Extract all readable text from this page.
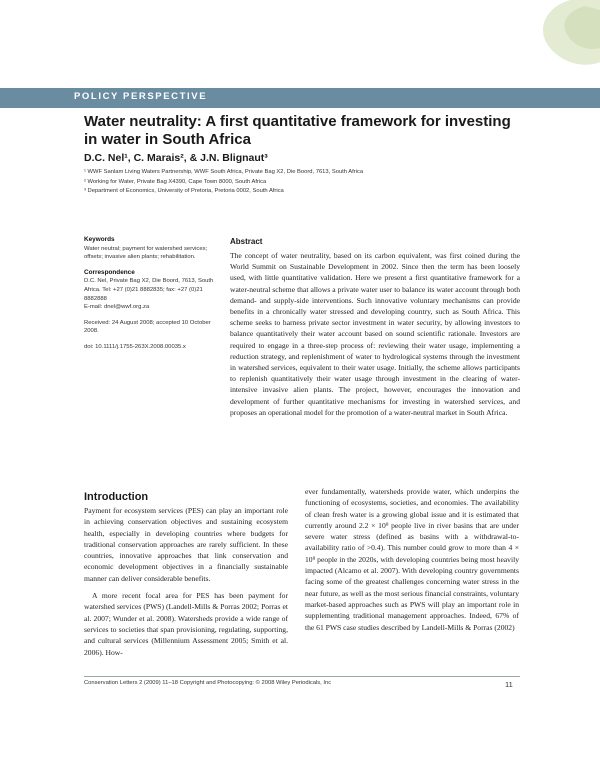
POLICY PERSPECTIVE
Water neutrality: A first quantitative framework for investing in water in South Africa
D.C. Nel¹, C. Marais², & J.N. Blignaut³
¹ WWF Sanlam Living Waters Partnership, WWF South Africa, Private Bag X2, Die Boord, 7613, South Africa
² Working for Water, Private Bag X4390, Cape Town 8000, South Africa
³ Department of Economics, University of Pretoria, Pretoria 0002, South Africa
Keywords
Water neutral; payment for watershed services; offsets; invasive alien plants; rehabilitation.
Correspondence
D.C. Nel, Private Bag X2, Die Boord, 7613, South Africa. Tel: +27 (0)21 8882835; fax: +27 (0)21 8882888
E-mail: dnel@wwf.org.za
Received: 24 August 2008; accepted 10 October 2008.
doi: 10.1111/j.1755-263X.2008.00035.x
Abstract

The concept of water neutrality, based on its carbon equivalent, was first coined during the World Summit on Sustainable Development in 2002. Since then the term has been loosely used, with little quantitative validation. Here we present a first quantitative framework for a water-neutral scheme that allows a private water user to balance its water account through both demand- and supply-side interventions. Such innovative voluntary mechanisms can provide benefits in a chronically water stressed and developing country, such as South Africa. This scheme seeks to harness private sector investment in water security, by allowing investors to balance quantitatively their water account based on sound scientific rationale. Investors are required to engage in a three-step process of: reviewing their water usage, implementing a reduction strategy, and replenishment of water to hydrological systems through the investment in watershed services, equivalent to their water usage. Initially, the scheme allows participants to replenish quantitatively their water usage through investment in the clearing of water-intensive invasive alien plants. The project, however, encourages the innovation and development of further quantitative mechanisms for investing in watershed services, and proposes an operational model for the promotion of a water-neutral market in South Africa.

Introduction

Payment for ecosystem services (PES) can play an important role in achieving conservation objectives and sustaining ecosystem health, especially in developing countries where budgets for traditional conservation approaches are rarely sufficient. In these countries, innovative approaches that link conservation and economic development objectives in a financially sustainable manner can deliver considerable benefits.

A more recent focal area for PES has been payment for watershed services (PWS) (Landell-Mills & Porras 2002; Porras et al. 2007; Wunder et al. 2008). Watersheds provide a wide range of services to societies that span provisioning, regulating, supporting, and cultural services (Millennium Assessment 2005; Smith et al. 2006). How-

ever fundamentally, watersheds provide water, which underpins the functioning of ecosystems, societies, and economies. The availability of clean fresh water is a growing global issue and it is estimated that currently around 2.2 × 10⁹ people live in river basins that are under severe water stress (defined as basins with a withdrawal-to-availability ratio of >0.4). This number could grow to more than 4 × 10⁹ people in the 2020s, with developing countries being most heavily impacted (Alcamo et al. 2007). With developing country governments facing some of the greatest challenges concerning water stress in the near future, as well as the most serious financial constraints, voluntary market-based approaches such as PWS will play an important role in supplementing traditional management approaches. Indeed, 67% of the 61 PWS case studies described by Landell-Mills & Porras (2002)

Conservation Letters 2 (2009) 11–18 Copyright and Photocopying: © 2008 Wiley Periodicals, Inc	11
